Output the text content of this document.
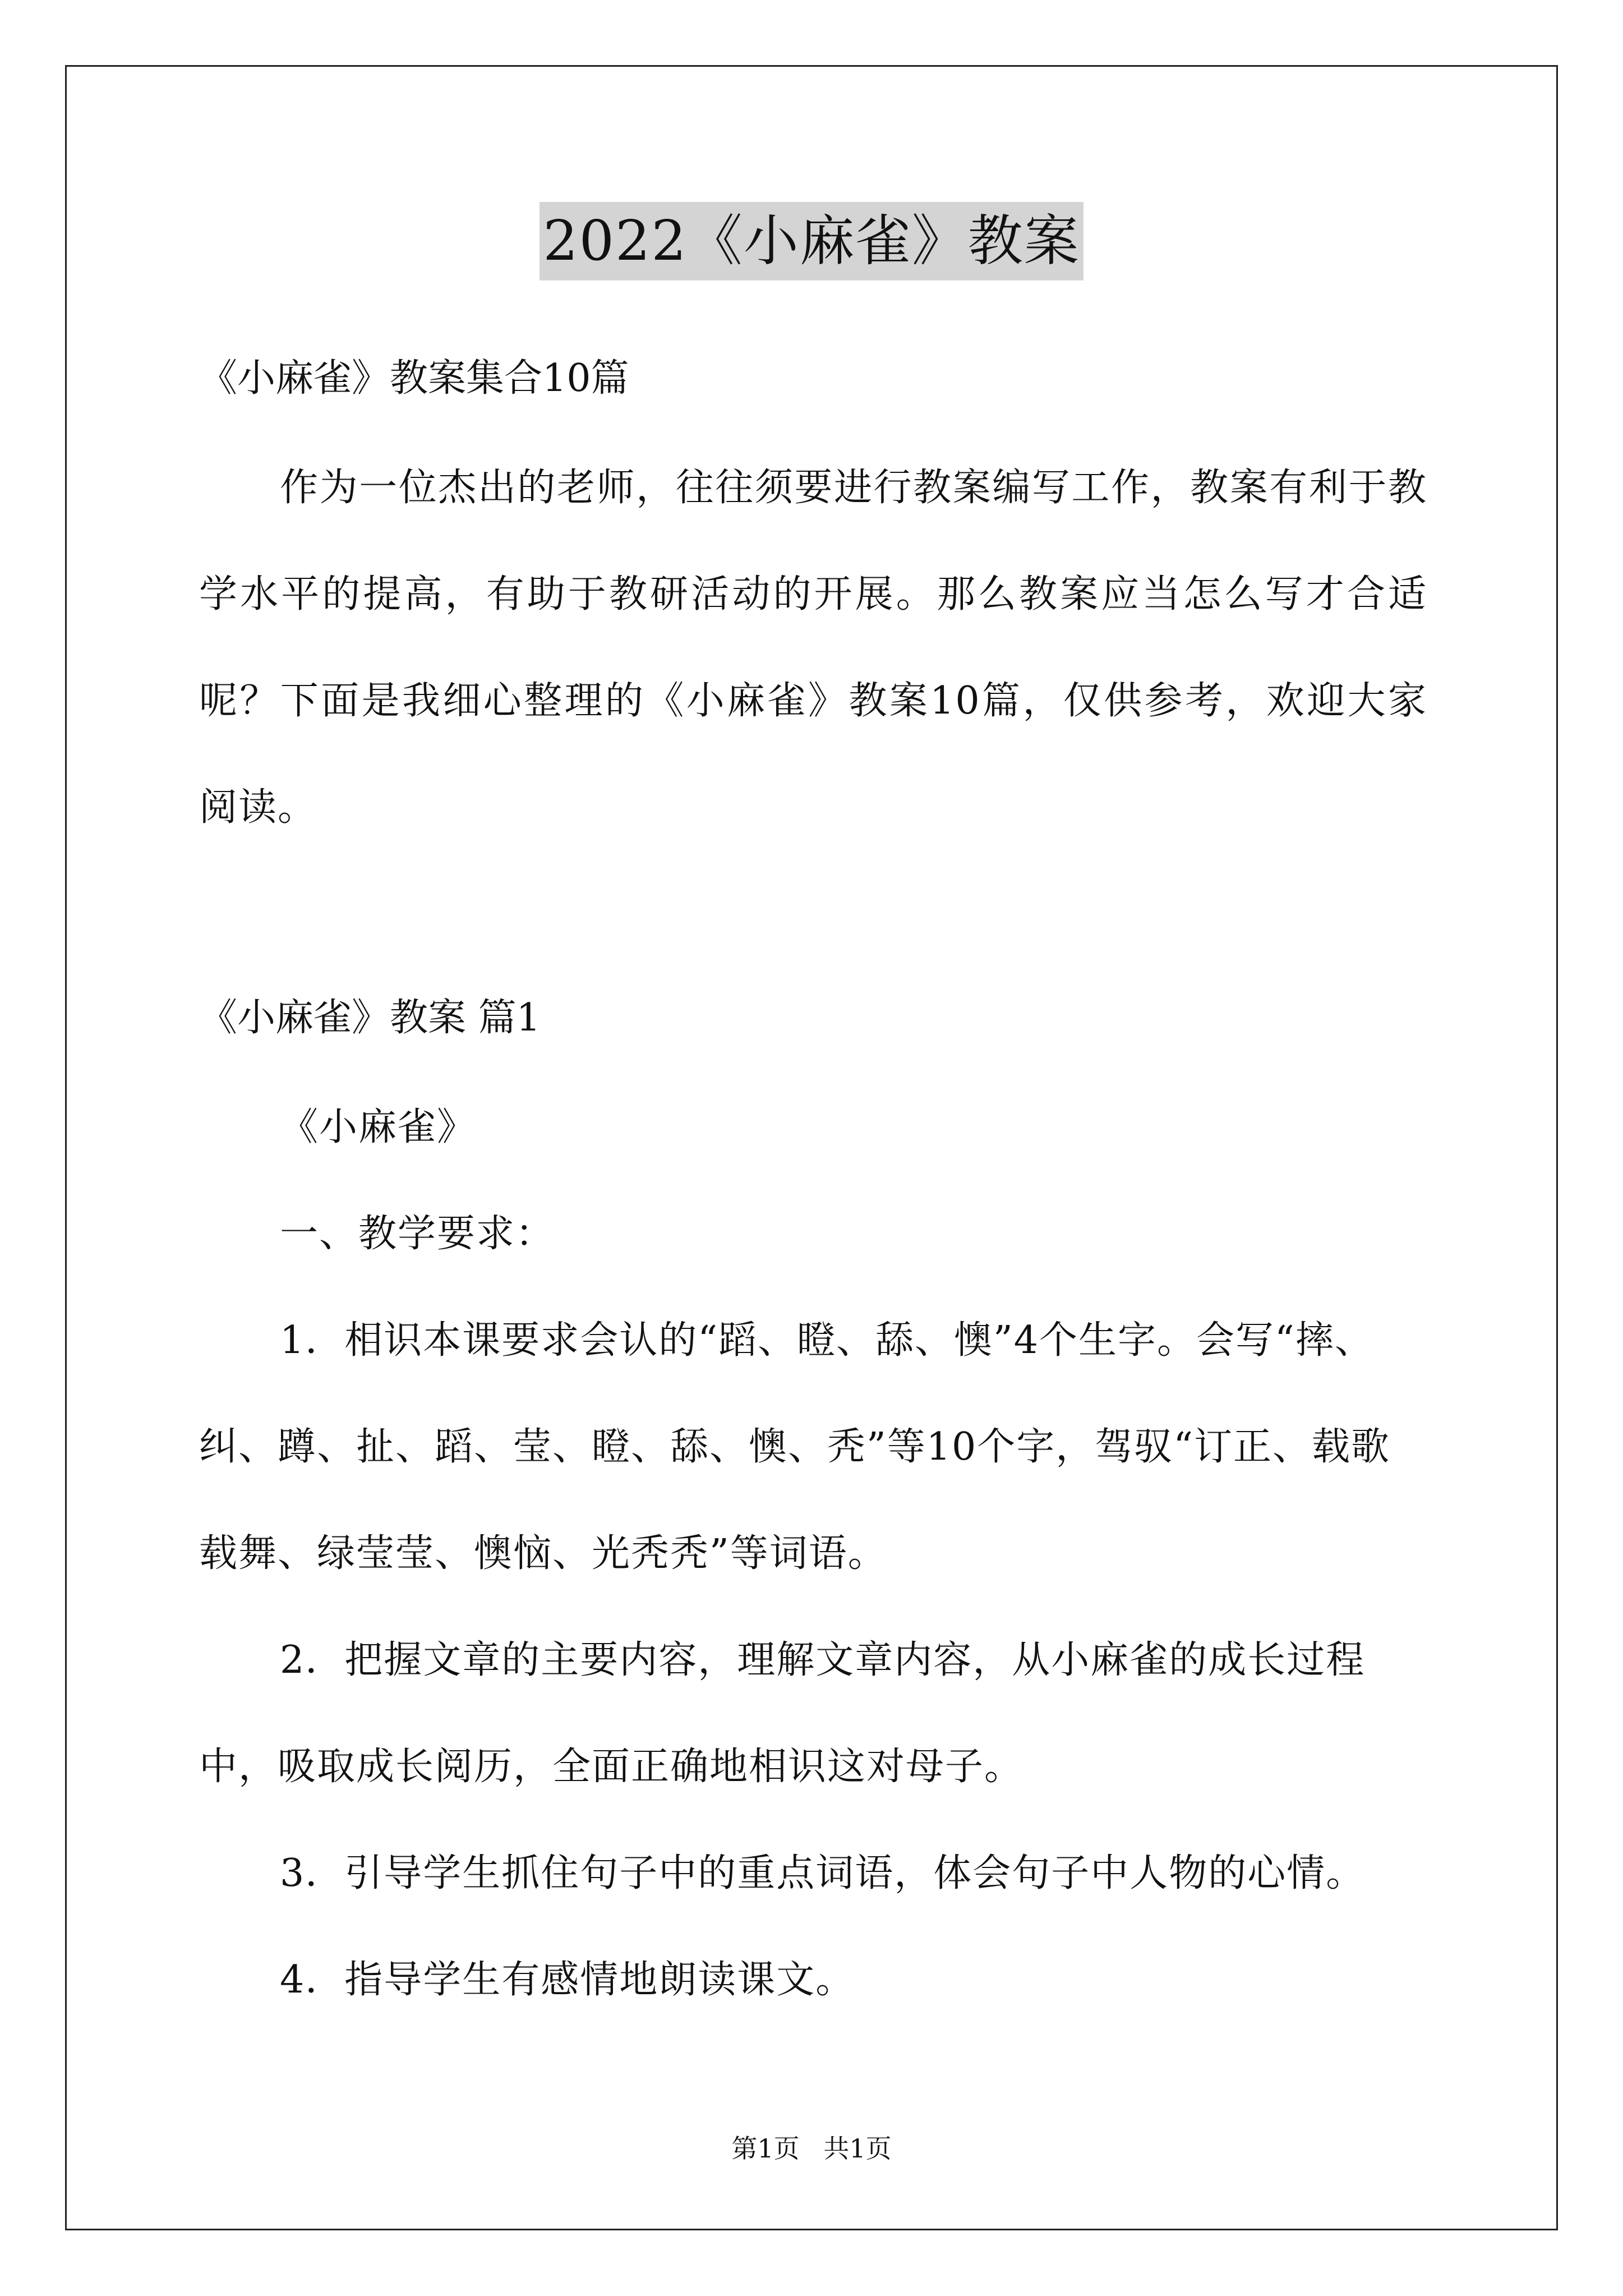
2022《小麻雀》教案

《小麻雀》教案集合10篇

作为一位杰出的老师，往往须要进行教案编写工作，教案有利于教学水平的提高，有助于教研活动的开展。那么教案应当怎么写才合适呢？下面是我细心整理的《小麻雀》教案10篇，仅供参考，欢迎大家阅读。

《小麻雀》教案 篇1

《小麻雀》

一、教学要求：

1．相识本课要求会认的“蹈、瞪、舔、懊”4个生字。会写“摔、纠、蹲、扯、蹈、莹、瞪、舔、懊、秃”等10个字，驾驭“订正、载歌载舞、绿莹莹、懊恼、光秃秃”等词语。

2．把握文章的主要内容，理解文章内容，从小麻雀的成长过程中，吸取成长阅历，全面正确地相识这对母子。

3．引导学生抓住句子中的重点词语，体会句子中人物的心情。

4．指导学生有感情地朗读课文。

第1页 共1页
